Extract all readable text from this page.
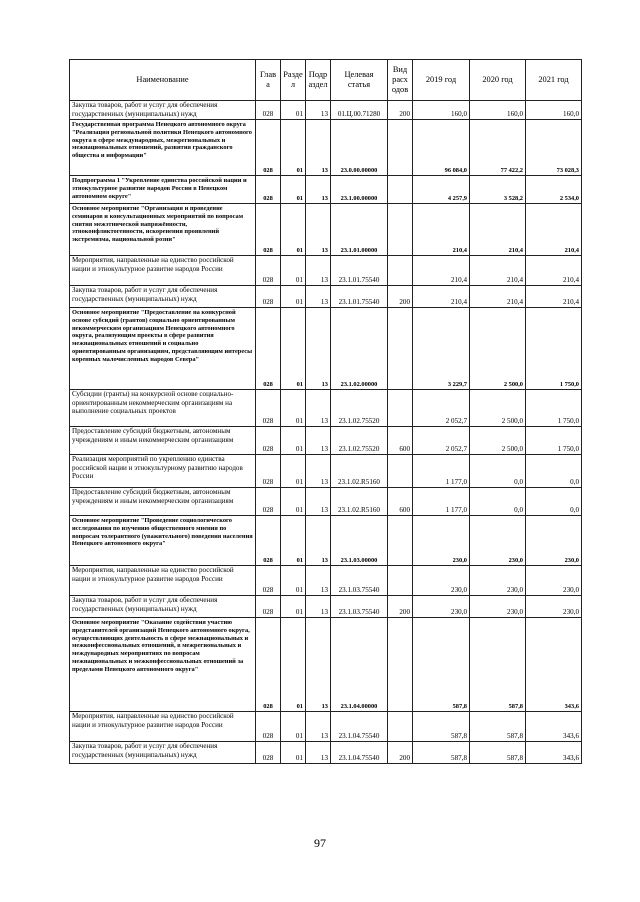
Наименование	Глав а	Разде л	Подр аздел	Целевая статья	Вид расх одов	2019 год	2020 год	2021 год
Закупка товаров, работ и услуг для обеспечения государственных (муниципальных) нужд	028	01	13	01.Ц.00.71280	200	160,0	160,0	160,0
Государственная программа Ненецкого автономного округа "Реализация региональной политики Ненецкого автономного округа в сфере международных, межрегиональных и межнациональных отношений, развития гражданского общества и информации"	028	01	13	23.0.00.00000		96 084,0	77 422,2	73 028,3
Подпрограмма 1 "Укрепление единства российской нации и этнокультурное развитие народов России в Ненецком автономном округе"	028	01	13	23.1.00.00000		4 257,9	3 528,2	2 534,0
Основное мероприятие "Организация и проведение семинаров и консультационных мероприятий по вопросам снятия межэтнической напряжённости, этноконфликтогенности, искоренения проявлений экстремизма, национальной розни"	028	01	13	23.1.01.00000		210,4	210,4	210,4
Мероприятия, направленные на единство российской нации и этнокультурное развитие народов России	028	01	13	23.1.01.75540		210,4	210,4	210,4
Закупка товаров, работ и услуг для обеспечения государственных (муниципальных) нужд	028	01	13	23.1.01.75540	200	210,4	210,4	210,4
Основное мероприятие "Предоставление на конкурсной основе субсидий (грантов) социально ориентированным некоммерческим организациям Ненецкого автономного округа, реализующим проекты в сфере развития межнациональных отношений и социально ориентированным организациям, представляющим интересы коренных малочисленных народов Севера"	028	01	13	23.1.02.00000		3 229,7	2 500,0	1 750,0
Субсидии (гранты) на конкурсной основе социально-ориентированным некоммерческим организациям на выполнение социальных проектов	028	01	13	23.1.02.75520		2 052,7	2 500,0	1 750,0
Предоставление субсидий бюджетным, автономным учреждениям и иным некоммерческим организациям	028	01	13	23.1.02.75520	600	2 052,7	2 500,0	1 750,0
Реализация мероприятий по укреплению единства российской нации и этнокультурному развитию народов России	028	01	13	23.1.02.R5160		1 177,0	0,0	0,0
Предоставление субсидий бюджетным, автономным учреждениям и иным некоммерческим организациям	028	01	13	23.1.02.R5160	600	1 177,0	0,0	0,0
Основное мероприятие "Проведение социологического исследования по изучению общественного мнения по вопросам толерантного (уважительного) поведения населения Ненецкого автономного округа"	028	01	13	23.1.03.00000		230,0	230,0	230,0
Мероприятия, направленные на единство российской нации и этнокультурное развитие народов России	028	01	13	23.1.03.75540		230,0	230,0	230,0
Закупка товаров, работ и услуг для обеспечения государственных (муниципальных) нужд	028	01	13	23.1.03.75540	200	230,0	230,0	230,0
Основное мероприятие "Оказание содействия участию представителей организаций Ненецкого автономного округа, осуществляющих деятельность в сфере межнациональных и межконфессиональных отношений, в межрегиональных и международных мероприятиях по вопросам межнациональных и межконфессиональных отношений за пределами Ненецкого автономного округа"	028	01	13	23.1.04.00000		587,8	587,8	343,6
Мероприятия, направленные на единство российской нации и этнокультурное развитие народов России	028	01	13	23.1.04.75540		587,8	587,8	343,6
Закупка товаров, работ и услуг для обеспечения государственных (муниципальных) нужд	028	01	13	23.1.04.75540	200	587,8	587,8	343,6
97
